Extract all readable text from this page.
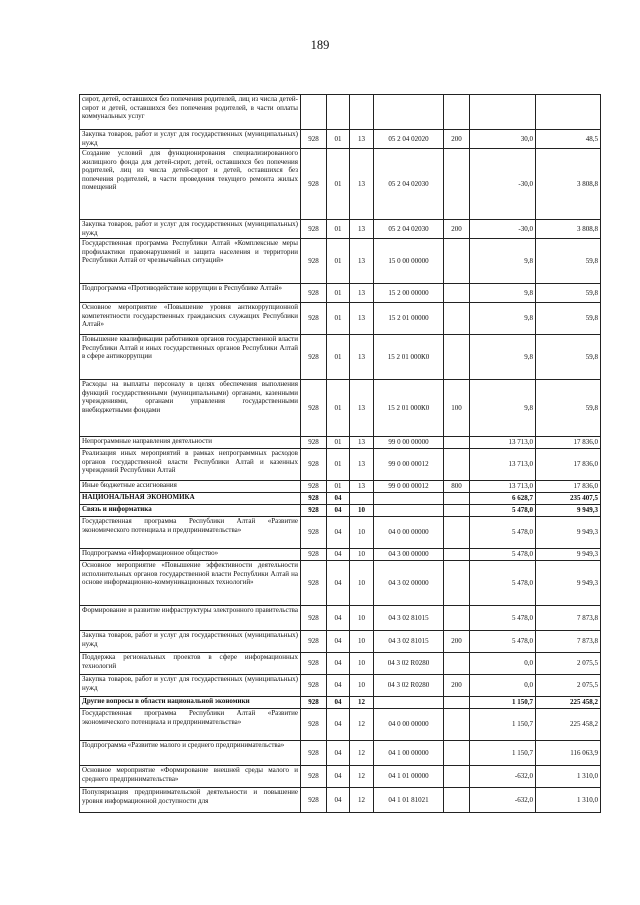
189
сирот, детей, оставшихся без попечения родителей, лиц из числа детей-сирот и детей, оставшихся без попечения родителей, в части оплаты коммунальных услуг							
Закупка товаров, работ и услуг для государственных (муниципальных) нужд	928	01	13	05 2 04 02020	200	30,0	48,5
Создание условий для функционирования специализированного жилищного фонда для детей-сирот, детей, оставшихся без попечения родителей, лиц из числа детей-сирот и детей, оставшихся без попечения родителей, в части проведения текущего ремонта жилых помещений	928	01	13	05 2 04 02030		-30,0	3 808,8
Закупка товаров, работ и услуг для государственных (муниципальных) нужд	928	01	13	05 2 04 02030	200	-30,0	3 808,8
Государственная программа Республики Алтай «Комплексные меры профилактики правонарушений и защита населения и территории Республики Алтай от чрезвычайных ситуаций»	928	01	13	15 0 00 00000		9,8	59,8
Подпрограмма «Противодействие коррупции в Республике Алтай»	928	01	13	15 2 00 00000		9,8	59,8
Основное мероприятие «Повышение уровня антикоррупционной компетентности государственных гражданских служащих Республики Алтай»	928	01	13	15 2 01 00000		9,8	59,8
Повышение квалификации работников органов государственной власти Республики Алтай и иных государственных органов Республики Алтай в сфере антикоррупции	928	01	13	15 2 01 000К0		9,8	59,8
Расходы на выплаты персоналу в целях обеспечения выполнения функций государственными (муниципальными) органами, казенными учреждениями, органами управления государственными внебюджетными фондами	928	01	13	15 2 01 000К0	100	9,8	59,8
Непрограммные направления деятельности	928	01	13	99 0 00 00000		13 713,0	17 836,0
Реализация иных мероприятий в рамках непрограммных расходов органов государственной власти Республики Алтай и казенных учреждений Республики Алтай	928	01	13	99 0 00 00012		13 713,0	17 836,0
Иные бюджетные ассигнования	928	01	13	99 0 00 00012	800	13 713,0	17 836,0
НАЦИОНАЛЬНАЯ ЭКОНОМИКА	928	04				6 628,7	235 407,5
Связь и информатика	928	04	10			5 478,0	9 949,3
Государственная программа Республики Алтай «Развитие экономического потенциала и предпринимательства»	928	04	10	04 0 00 00000		5 478,0	9 949,3
Подпрограмма «Информационное общество»	928	04	10	04 3 00 00000		5 478,0	9 949,3
Основное мероприятие «Повышение эффективности деятельности исполнительных органов государственной власти Республики Алтай на основе информационно-коммуникационных технологий»	928	04	10	04 3 02 00000		5 478,0	9 949,3
Формирование и развитие инфраструктуры электронного правительства	928	04	10	04 3 02 81015		5 478,0	7 873,8
Закупка товаров, работ и услуг для государственных (муниципальных) нужд	928	04	10	04 3 02 81015	200	5 478,0	7 873,8
Поддержка региональных проектов в сфере информационных технологий	928	04	10	04 3 02 R0280		0,0	2 075,5
Закупка товаров, работ и услуг для государственных (муниципальных) нужд	928	04	10	04 3 02 R0280	200	0,0	2 075,5
Другие вопросы в области национальной экономики	928	04	12			1 150,7	225 458,2
Государственная программа Республики Алтай «Развитие экономического потенциала и предпринимательства»	928	04	12	04 0 00 00000		1 150,7	225 458,2
Подпрограмма «Развитие малого и среднего предпринимательства»	928	04	12	04 1 00 00000		1 150,7	116 063,9
Основное мероприятие «Формирование внешней среды малого и среднего предпринимательства»	928	04	12	04 1 01 00000		-632,0	1 310,0
Популяризация предпринимательской деятельности и повышение уровня информационной доступности для	928	04	12	04 1 01 81021		-632,0	1 310,0
